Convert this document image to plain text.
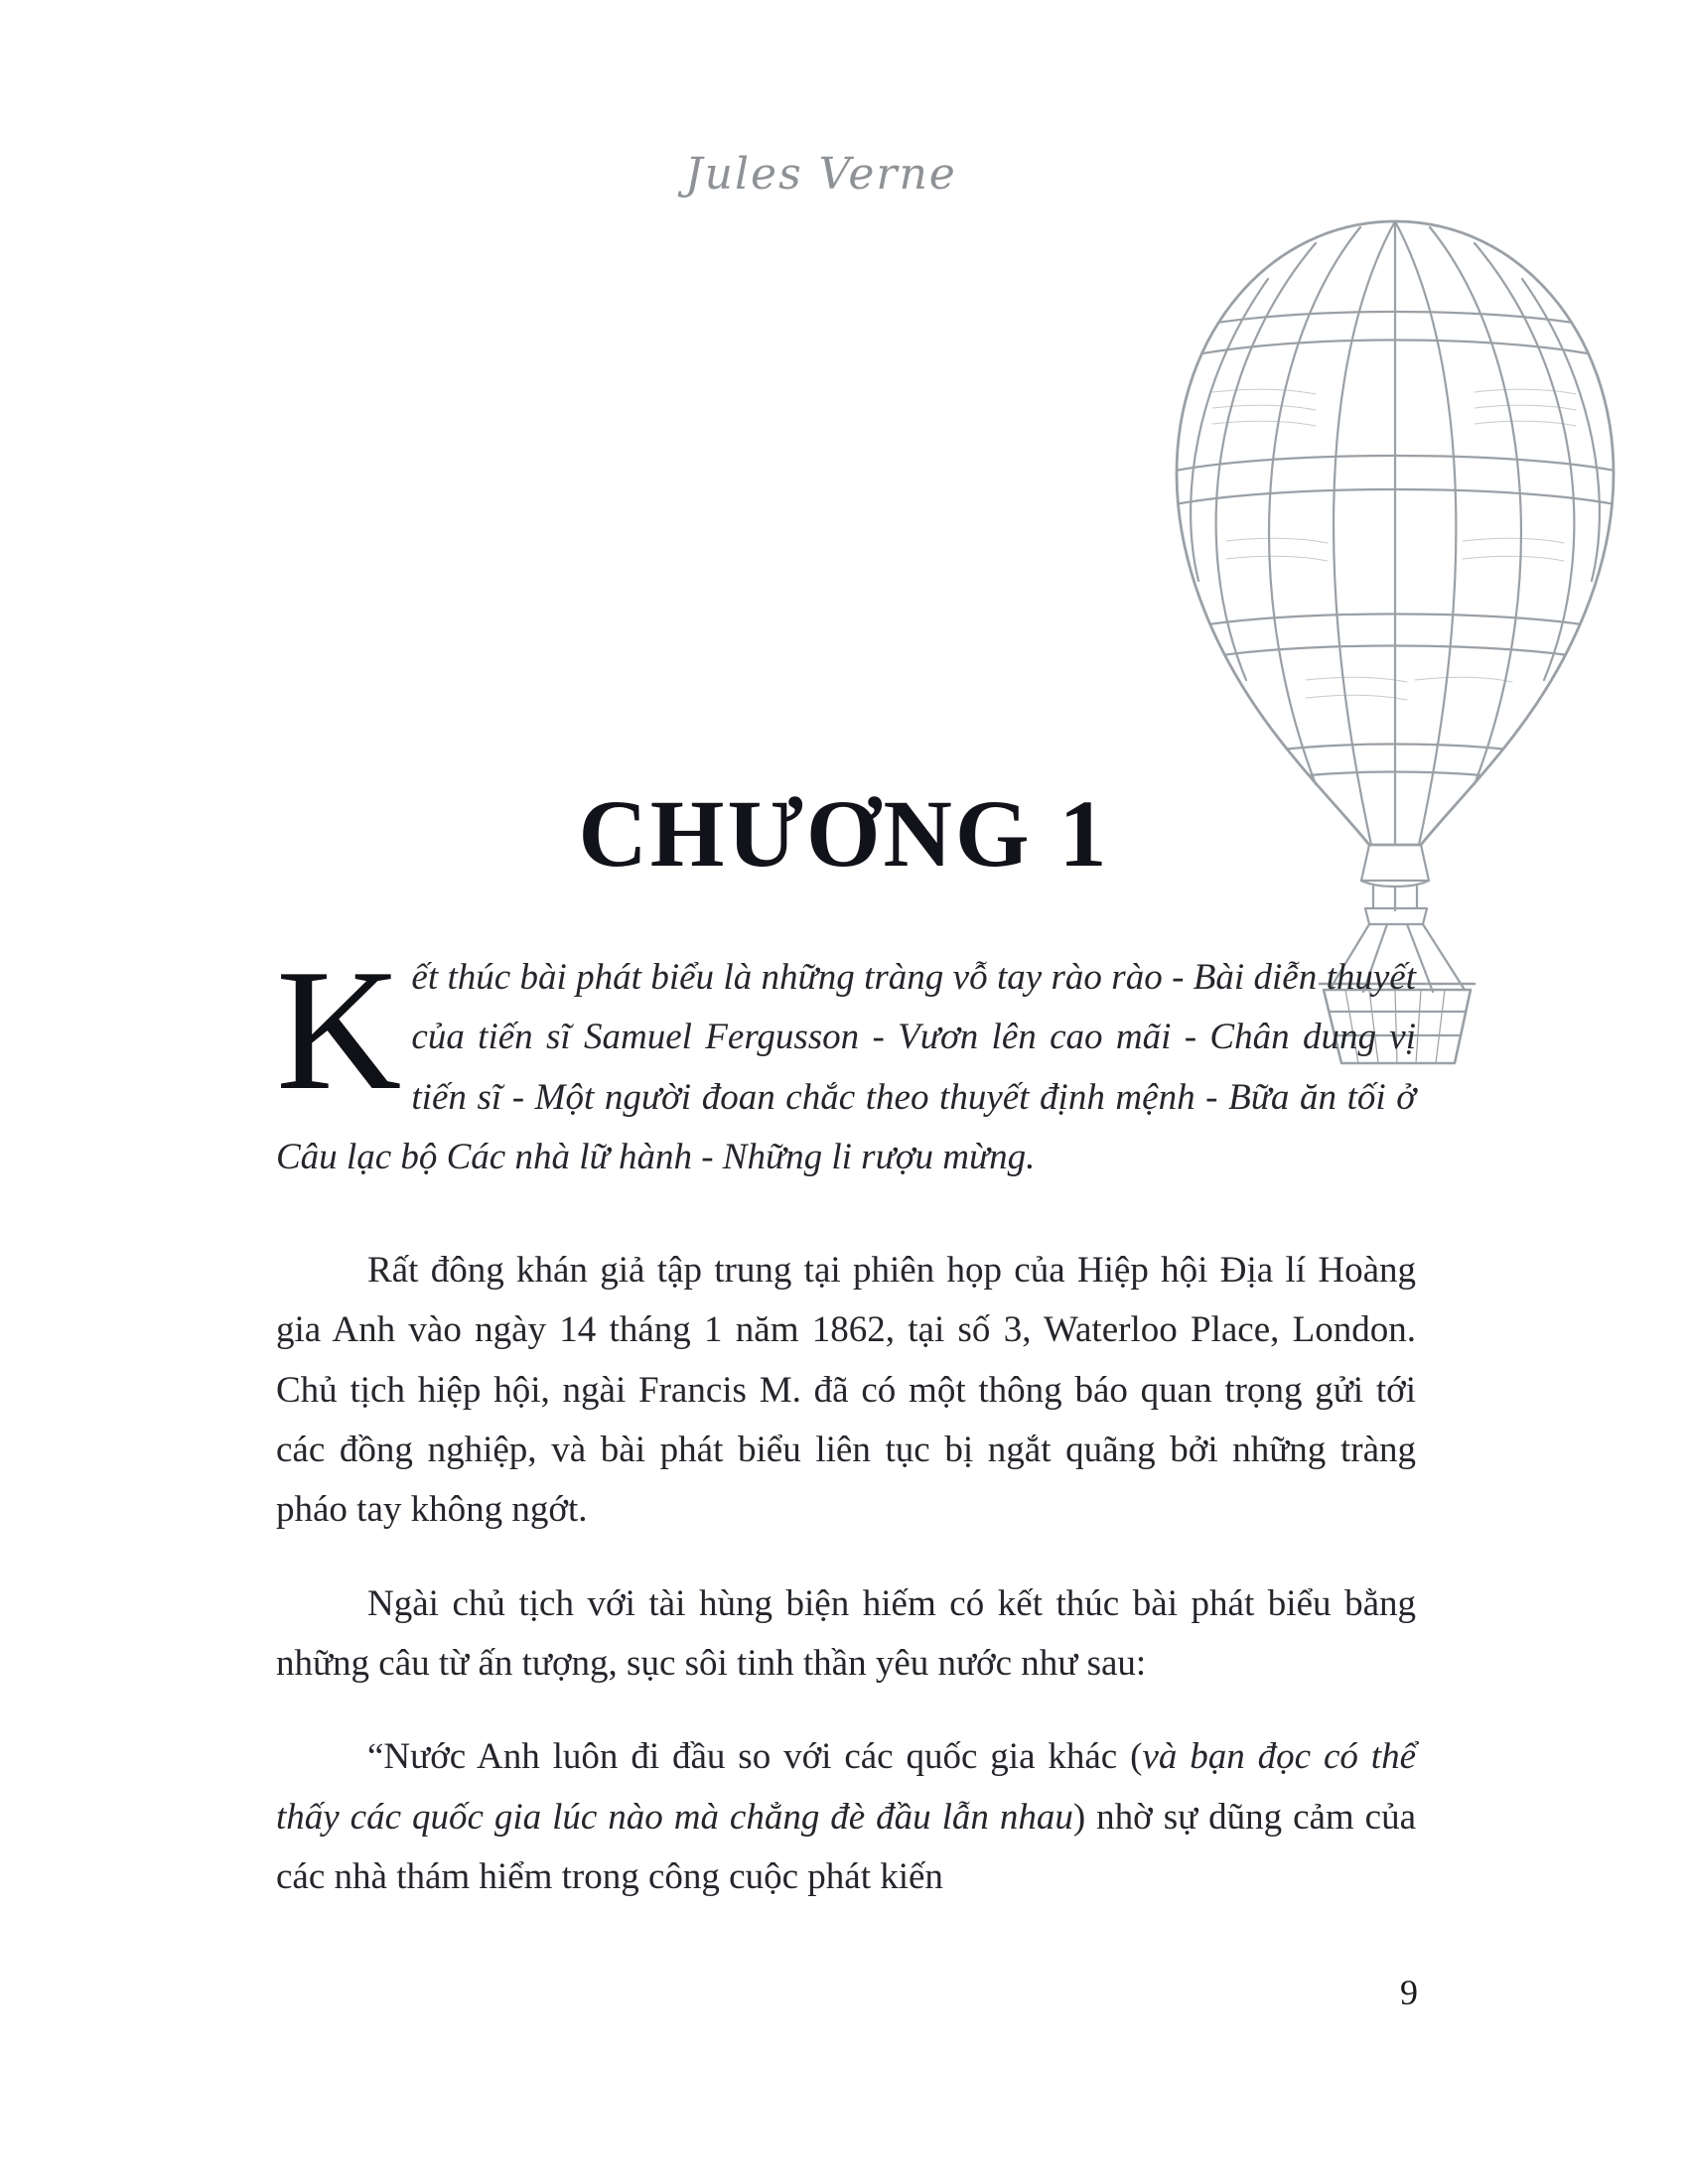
Jules Verne
CHƯƠNG 1

K ết thúc bài phát biểu là những tràng vỗ tay rào rào - Bài diễn thuyết của tiến sĩ Samuel Fergusson - Vươn lên cao mãi - Chân dung vị tiến sĩ - Một người đoan chắc theo thuyết định mệnh - Bữa ăn tối ở Câu lạc bộ Các nhà lữ hành - Những li rượu mừng.

Rất đông khán giả tập trung tại phiên họp của Hiệp hội Địa lí Hoàng gia Anh vào ngày 14 tháng 1 năm 1862, tại số 3, Waterloo Place, London. Chủ tịch hiệp hội, ngài Francis M. đã có một thông báo quan trọng gửi tới các đồng nghiệp, và bài phát biểu liên tục bị ngắt quãng bởi những tràng pháo tay không ngớt.

Ngài chủ tịch với tài hùng biện hiếm có kết thúc bài phát biểu bằng những câu từ ấn tượng, sục sôi tinh thần yêu nước như sau:

“Nước Anh luôn đi đầu so với các quốc gia khác (và bạn đọc có thể thấy các quốc gia lúc nào mà chẳng đè đầu lẫn nhau) nhờ sự dũng cảm của các nhà thám hiểm trong công cuộc phát kiến

9
